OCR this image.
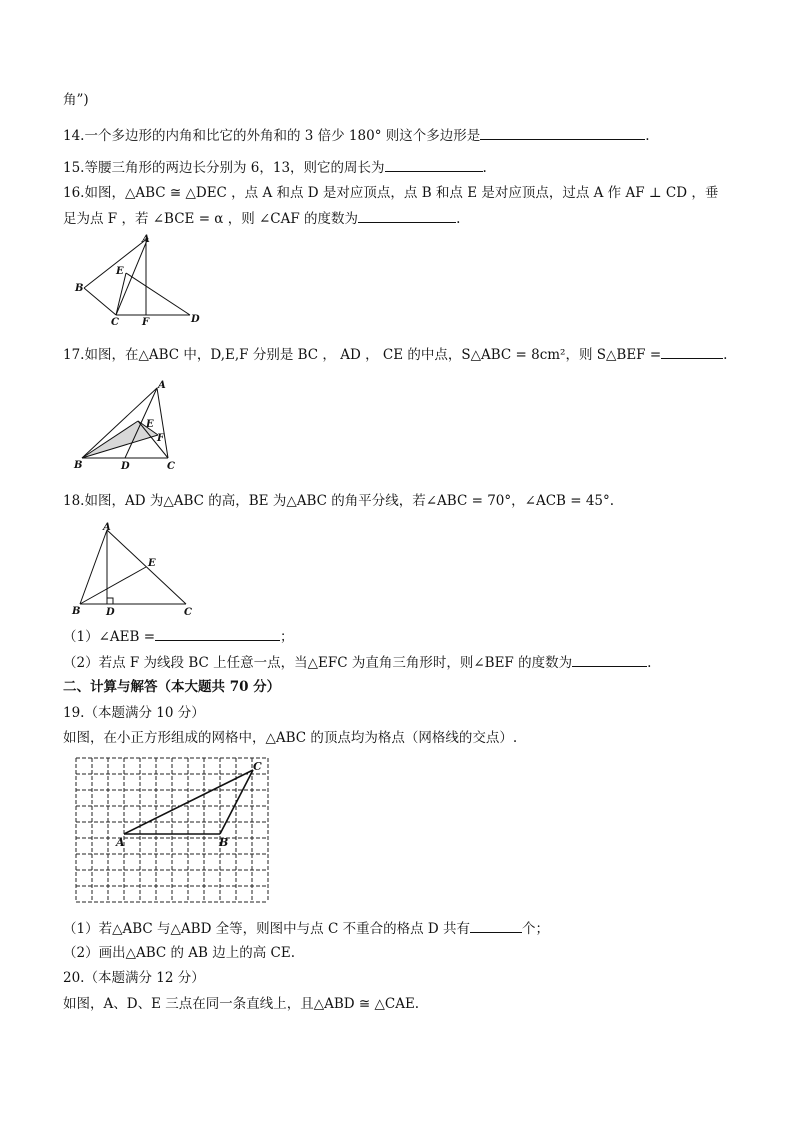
角”)
14.一个多边形的内角和比它的外角和的 3 倍少 180° 则这个多边形是	.
15.等腰三角形的两边长分别为 6，13，则它的周长为	.
16.如图，△ABC ≅ △DEC ，点 A 和点 D 是对应顶点，点 B 和点 E 是对应顶点，过点 A 作 AF ⊥ CD ，垂
足为点 F ，若 ∠BCE = α ，则 ∠CAF 的度数为	.
A
B
C	D
E
F
17.如图，在△ABC 中，D,E,F 分别是 BC ， AD ， CE 的中点，S△ABC = 8cm²，则 S△BEF =	.
A
B	C
D
E
F
18.如图，AD 为△ABC 的高，BE 为△ABC 的角平分线，若∠ABC = 70°，∠ACB = 45°.
A
B	C
D
E
（1）∠AEB =	；
（2）若点 F 为线段 BC 上任意一点，当△EFC 为直角三角形时，则∠BEF 的度数为	.
二、计算与解答（本大题共 70 分）
19.（本题满分 10 分）
如图，在小正方形组成的网格中，△ABC 的顶点均为格点（网格线的交点）.
A	B
C
（1）若△ABC 与△ABD 全等，则图中与点 C 不重合的格点 D 共有	个；
（2）画出△ABC 的 AB 边上的高 CE.
20.（本题满分 12 分）
如图，A、D、E 三点在同一条直线上，且△ABD ≅ △CAE.
